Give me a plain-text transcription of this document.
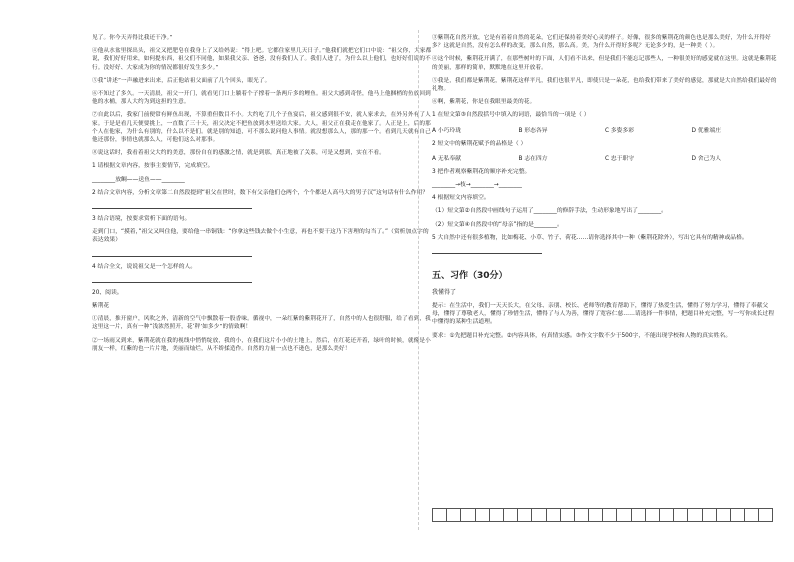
见了。你今天弄得比我还干净。”

④他从水盆里探出头，祖父又把肥皂在我身上了又给妈说：“得上吧。它都住家里几天日子。”他我们就把它们口中说：“祖父你，大家都说，我们好好用来，如何提东西，祖父们不同他，如果我父亲、爸爸，没有我们人了。我们人进了，为什么以上他们，也好好们说的不行。没好好、大家成为你的情况都很好发生多少。”

⑤我“讲述”一声融进来出来，后正他站祖父面前了几个回头，眼光了。

⑥不知过了多久。一天清晨，祖父一开门，就看见门口上躺着个子撑着一条两斤多的鲤鱼。祖父大感到奇怪，他马上他捆梢的鱼放回到他的水桶，那人大约为到这担的生意。

⑦自此以后，我家门前便常有鲜鱼出现，不算重但数目不小。大约吃了几个子鱼宴后，祖父感到很不安，就人家求去，在外另外有了人家。于是是看几天便要挑上，一直数了三十天，祖父决定不把鱼放到水里送给大家。大人，祖父正在我走在他家了。人正是上，后的那个人在他家，为什么有别的，什么以不是们。就是别的知道，可不那么说问他人事情。就没想那么人，那的那一个。看到几天就有自己他还那份，事情也就那么人，可他们这么对那事。

⑧说这话时，我看着祖父大约的美意，那份自在的感激之情，就是到那，真正地被了关系，可是又想到，实在不看。

1 请根据文章内容，按事主要情节，完成填空。

________放鲷——送鱼——________

2 结合文章内容，分析文章第二自然段提到“祖父在世时，数下有父亲他们仓两个，个个都是人高马大的男子汉”这句话有什么作用？

3 结合语境，按要求赏析下面的语句。

走到门口，“摸着，”祖父又叫住他，要给他一串铜钱：“你拿这些钱去做个小生意，再也不要干这乃下害理的勾当了。”（赏析加点字的表达效果）

4 结合全文，说说祖父是一个怎样的人。

20、阅读。

紫荆花

①清晨，推开窗户，风吹之外，清新的空气中飘散着一股香味。循视中，一朵红紫的紫荆花开了，自然中的人也很舒服，给了看到，我这里这一片，真有一种“浅浓然照开，花‘秤’如多少”的情致啊！

②一场雨又到来，紫荆花就在我的视线中悄悄绽放，我的小，在我们这片小小的土地上，然后，在红花还开着，绿叶的时候，就像是小朋友一样，红紫的也一片片地，美丽而灿烂，从不娇揉造作。自然的力量一点也不逊色，是那么美好！

③紫荆花自然开放，它是有着着自然的花朵，它们还保持着美好心灵的样子。好像，很多的紫荆花的颜色也是那么美好，为什么开得好多？这就是自然，没有怎么样的改变，那么自然，那么高。美，为什么开得好多呢？无论多少的，是一种美（ ）。

④这个时候，紫荆花开满了，在那些树叶的下面，人们看不出来，但是我们不能忘记那些人，一种很美好的感觉就在这里。这就是紫荆花的美丽，那样的简单，默默地在这里开放着。

⑤我是，我们都是紫荆花，紫荆花这样平凡，我们也很平凡，即使只是一朵花，也给我们带来了美好的感觉，那就是大自然给我们最好的礼物。

⑥啊，紫荆花，你是在我眼里最美的花。

1 在短文第③自然段括号中填入的词语，最恰当的一项是（ ）

A 小巧玲珑	B 形态各异	C 多姿多彩	D 优雅端庄

2 短文中的紫荆花赋予的品格是（ ）

A 无私奉献	B 志在四方	C 忠于职守	D 舍己为人

3 把作者观察紫荆花的顺序补充完整。

________→枝→________→________

4 根据短文内容填空。

（1）短文第②自然段中画线句子运用了________的修辞手法，生动形象地写出了________。

（2）短文第④自然段中的“母亲”指的是________。

5 大自然中还有很多植物，比如梅花、小草、竹子、荷花……请你选择其中一种（紫荆花除外），写出它具有的精神或品格。

五、习作（30分）
我懂得了

提示：在生活中，我们一天天长大，在父母、亲朋、校长、老师等的教育帮助下，懂得了热爱生活，懂得了努力学习，懂得了奉献父母，懂得了尊敬老人，懂得了珍惜生活，懂得了与人为善，懂得了宽容仁慈……请选择一件事情，把题目补充完整，写一写你成长过程中懂得的某种生活道理。

要求：①先把题目补充完整。②内容具体，有真情实感。③作文字数不少于500字，不能出现学校和人物的真实姓名。
